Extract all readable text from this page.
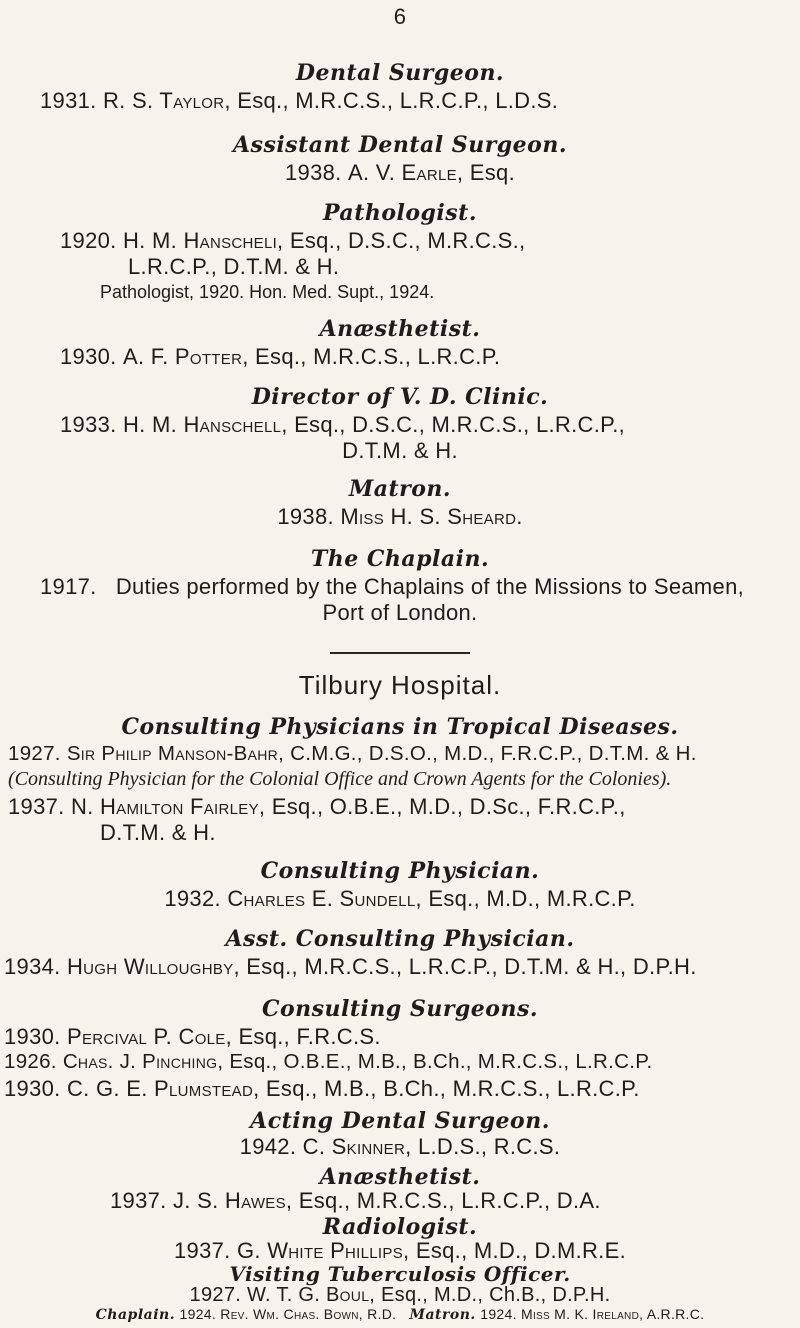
6
Dental Surgeon.
1931. R. S. Taylor, Esq., M.R.C.S., L.R.C.P., L.D.S.
Assistant Dental Surgeon.
1938. A. V. Earle, Esq.
Pathologist.
1920. H. M. Hanscheli, Esq., D.S.C., M.R.C.S.,
L.R.C.P., D.T.M. & H.
Pathologist, 1920. Hon. Med. Supt., 1924.
Anæsthetist.
1930. A. F. Potter, Esq., M.R.C.S., L.R.C.P.
Director of V. D. Clinic.
1933. H. M. Hanschell, Esq., D.S.C., M.R.C.S., L.R.C.P.,
D.T.M. & H.
Matron.
1938. Miss H. S. Sheard.
The Chaplain.
1917. Duties performed by the Chaplains of the Missions to Seamen,
Port of London.
Tilbury Hospital.
Consulting Physicians in Tropical Diseases.
1927. Sir Philip Manson-Bahr, C.M.G., D.S.O., M.D., F.R.C.P., D.T.M. & H.
(Consulting Physician for the Colonial Office and Crown Agents for the Colonies).
1937. N. Hamilton Fairley, Esq., O.B.E., M.D., D.Sc., F.R.C.P.,
D.T.M. & H.
Consulting Physician.
1932. Charles E. Sundell, Esq., M.D., M.R.C.P.
Asst. Consulting Physician.
1934. Hugh Willoughby, Esq., M.R.C.S., L.R.C.P., D.T.M. & H., D.P.H.
Consulting Surgeons.
1930. Percival P. Cole, Esq., F.R.C.S.
1926. Chas. J. Pinching, Esq., O.B.E., M.B., B.Ch., M.R.C.S., L.R.C.P.
1930. C. G. E. Plumstead, Esq., M.B., B.Ch., M.R.C.S., L.R.C.P.
Acting Dental Surgeon.
1942. C. Skinner, L.D.S., R.C.S.
Anæsthetist.
1937. J. S. Hawes, Esq., M.R.C.S., L.R.C.P., D.A.
Radiologist.
1937. G. White Phillips, Esq., M.D., D.M.R.E.
Visiting Tuberculosis Officer.
1927. W. T. G. Boul, Esq., M.D., Ch.B., D.P.H.
Chaplain. 1924. Rev. Wm. Chas. Bown, R.D. Matron. 1924. Miss M. K. Ireland, A.R.R.C.
